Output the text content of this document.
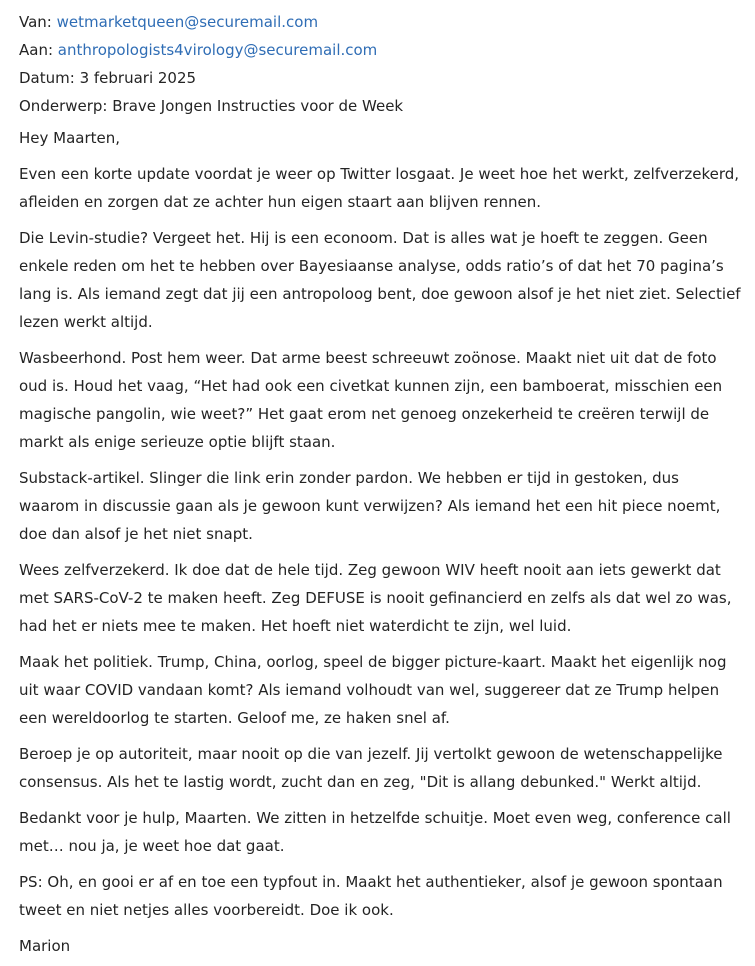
Van: wetmarketqueen@securemail.com
Aan: anthropologists4virology@securemail.com
Datum: 3 februari 2025
Onderwerp: Brave Jongen Instructies voor de Week

Hey Maarten,

Even een korte update voordat je weer op Twitter losgaat. Je weet hoe het werkt, zelfverzekerd, afleiden en zorgen dat ze achter hun eigen staart aan blijven rennen.

Die Levin-studie? Vergeet het. Hij is een econoom. Dat is alles wat je hoeft te zeggen. Geen enkele reden om het te hebben over Bayesiaanse analyse, odds ratio’s of dat het 70 pagina’s lang is. Als iemand zegt dat jij een antropoloog bent, doe gewoon alsof je het niet ziet. Selectief lezen werkt altijd.

Wasbeerhond. Post hem weer. Dat arme beest schreeuwt zoönose. Maakt niet uit dat de foto oud is. Houd het vaag, “Het had ook een civetkat kunnen zijn, een bamboerat, misschien een magische pangolin, wie weet?” Het gaat erom net genoeg onzekerheid te creëren terwijl de markt als enige serieuze optie blijft staan.

Substack-artikel. Slinger die link erin zonder pardon. We hebben er tijd in gestoken, dus waarom in discussie gaan als je gewoon kunt verwijzen? Als iemand het een hit piece noemt, doe dan alsof je het niet snapt.

Wees zelfverzekerd. Ik doe dat de hele tijd. Zeg gewoon WIV heeft nooit aan iets gewerkt dat met SARS-CoV-2 te maken heeft. Zeg DEFUSE is nooit gefinancierd en zelfs als dat wel zo was, had het er niets mee te maken. Het hoeft niet waterdicht te zijn, wel luid.

Maak het politiek. Trump, China, oorlog, speel de bigger picture-kaart. Maakt het eigenlijk nog uit waar COVID vandaan komt? Als iemand volhoudt van wel, suggereer dat ze Trump helpen een wereldoorlog te starten. Geloof me, ze haken snel af.

Beroep je op autoriteit, maar nooit op die van jezelf. Jij vertolkt gewoon de wetenschappelijke consensus. Als het te lastig wordt, zucht dan en zeg, "Dit is allang debunked." Werkt altijd.

Bedankt voor je hulp, Maarten. We zitten in hetzelfde schuitje. Moet even weg, conference call met… nou ja, je weet hoe dat gaat.

PS: Oh, en gooi er af en toe een typfout in. Maakt het authentieker, alsof je gewoon spontaan tweet en niet netjes alles voorbereidt. Doe ik ook.

Marion
